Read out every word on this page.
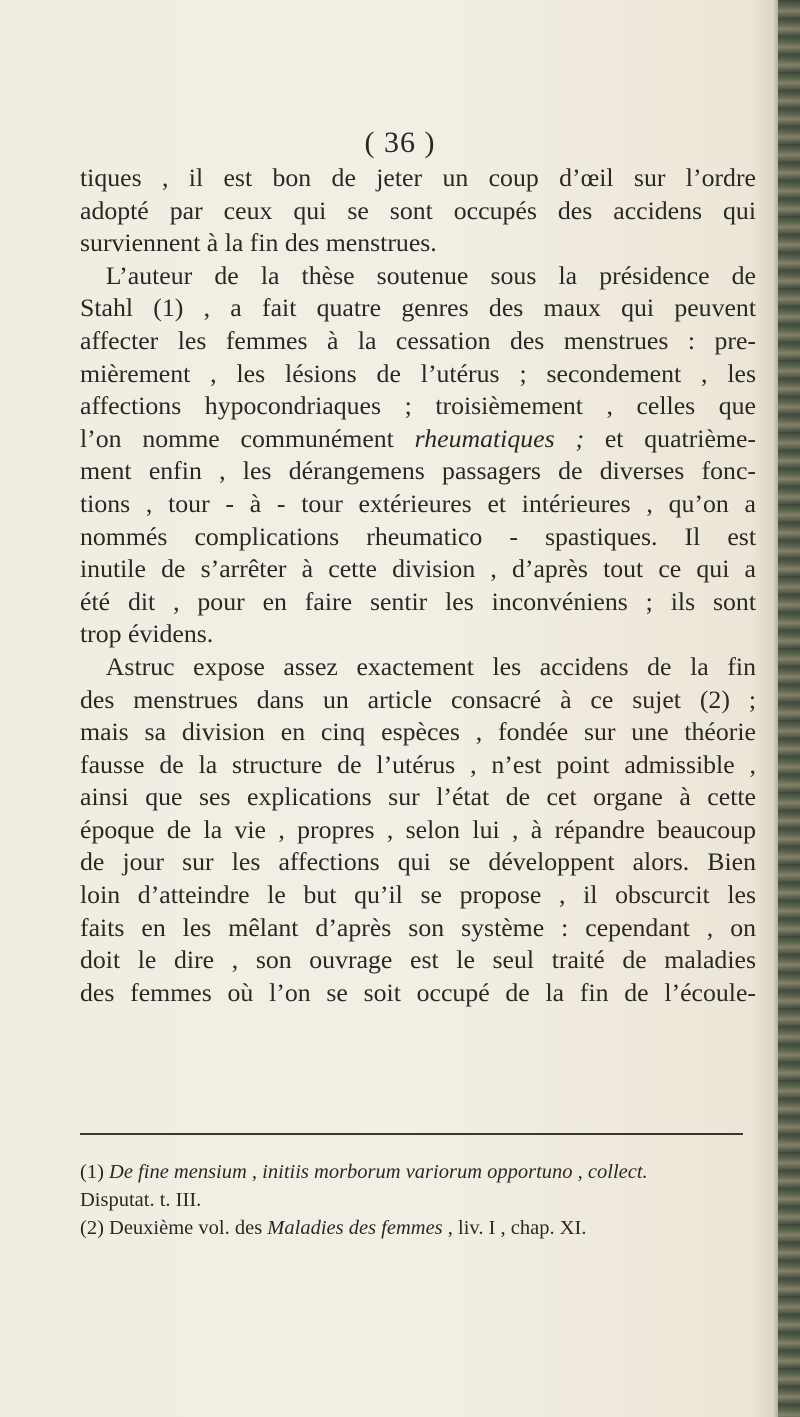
( 36 )
tiques , il est bon de jeter un coup d’œil sur l’ordre
adopté par ceux qui se sont occupés des accidens qui
surviennent à la fin des menstrues.
L’auteur de la thèse soutenue sous la présidence de
Stahl (1) , a fait quatre genres des maux qui peuvent
affecter les femmes à la cessation des menstrues : pre-
mièrement , les lésions de l’utérus ; secondement , les
affections hypocondriaques ; troisièmement , celles que
l’on nomme communément rheumatiques ; et quatrième-
ment enfin , les dérangemens passagers de diverses fonc-
tions , tour - à - tour extérieures et intérieures , qu’on a
nommés complications rheumatico - spastiques. Il est
inutile de s’arrêter à cette division , d’après tout ce qui a
été dit , pour en faire sentir les inconvéniens ; ils sont
trop évidens.
Astruc expose assez exactement les accidens de la fin
des menstrues dans un article consacré à ce sujet (2) ;
mais sa division en cinq espèces , fondée sur une théorie
fausse de la structure de l’utérus , n’est point admissible ,
ainsi que ses explications sur l’état de cet organe à cette
époque de la vie , propres , selon lui , à répandre beaucoup
de jour sur les affections qui se développent alors. Bien
loin d’atteindre le but qu’il se propose , il obscurcit les
faits en les mêlant d’après son système : cependant , on
doit le dire , son ouvrage est le seul traité de maladies
des femmes où l’on se soit occupé de la fin de l’écoule-
(1) De fine mensium , initiis morborum variorum opportuno , collect.
Disputat. t. III.
(2) Deuxième vol. des Maladies des femmes , liv. I , chap. XI.
